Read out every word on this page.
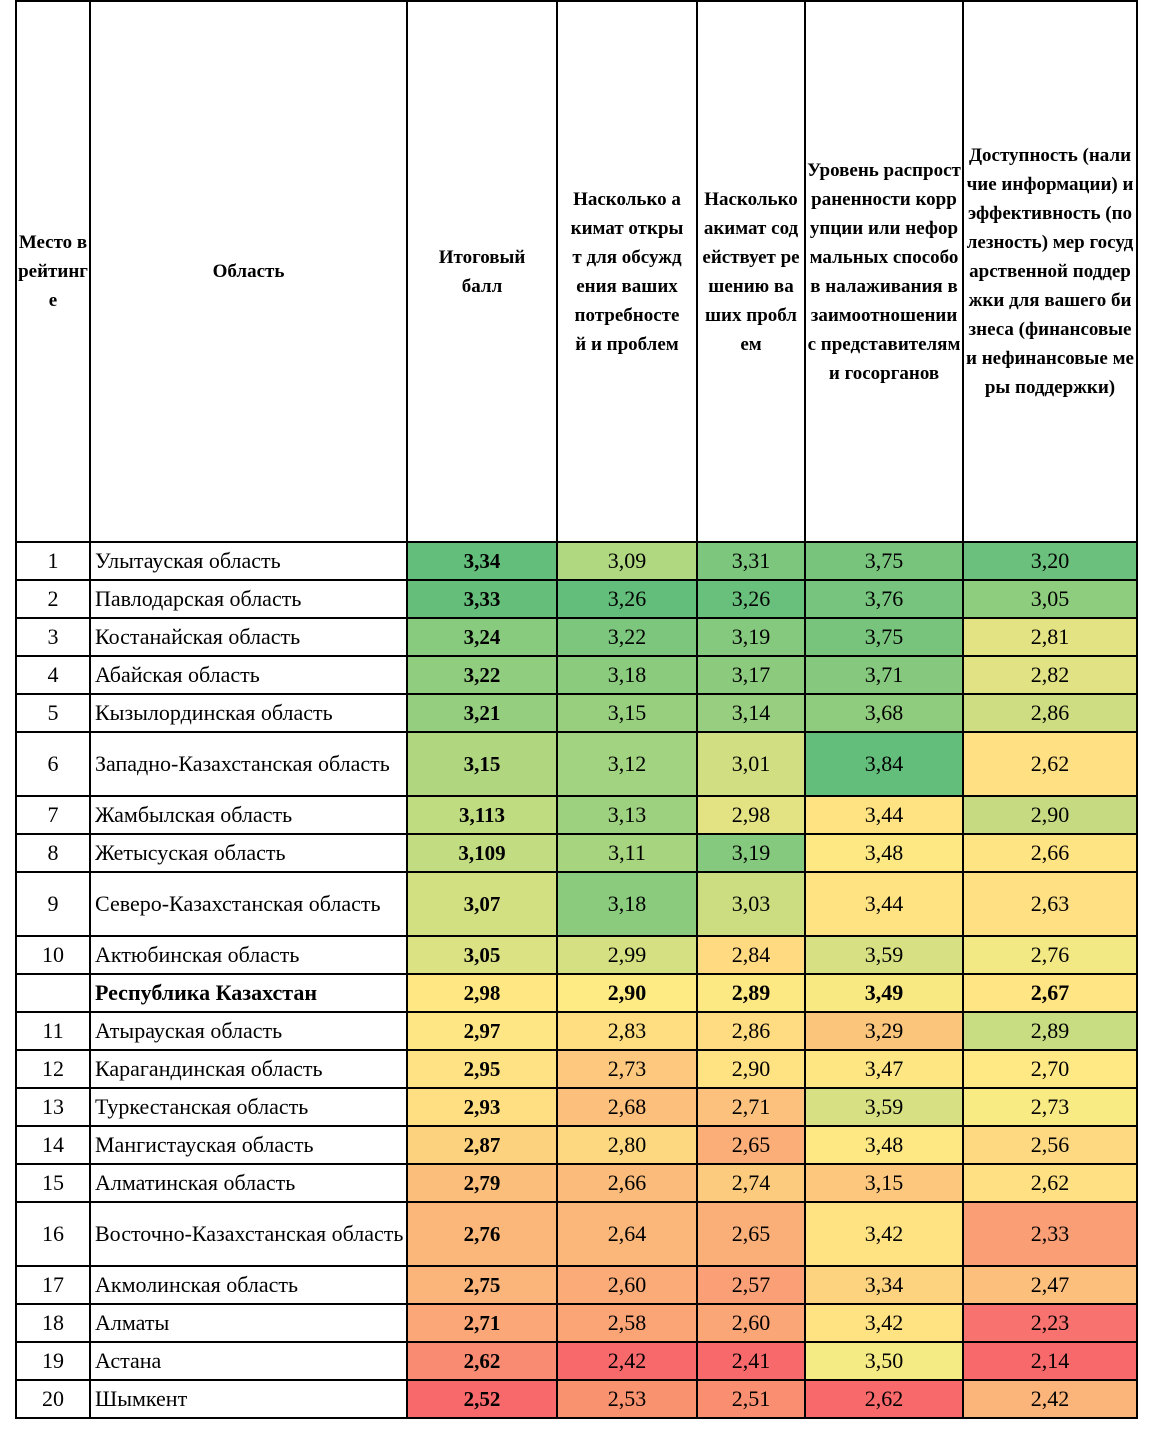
Место в рейтинге	Область	Итоговый балл	Насколько акимат открыт для обсуждения ваших потребностей и проблем	Насколько акимат содействует решению ваших проблем	Уровень распространенности коррупции или неформальных способов налаживания взаимоотношении с представителями госорганов	Доступность (наличие информации) и эффективность (полезность) мер государственной поддержки для вашего бизнеса (финансовые и нефинансовые меры поддержки)
1	Улытауская область	3,34	3,09	3,31	3,75	3,20
2	Павлодарская область	3,33	3,26	3,26	3,76	3,05
3	Костанайская область	3,24	3,22	3,19	3,75	2,81
4	Абайская область	3,22	3,18	3,17	3,71	2,82
5	Кызылординская область	3,21	3,15	3,14	3,68	2,86
6	Западно-Казахстанская область	3,15	3,12	3,01	3,84	2,62
7	Жамбылская область	3,113	3,13	2,98	3,44	2,90
8	Жетысуская область	3,109	3,11	3,19	3,48	2,66
9	Северо-Казахстанская область	3,07	3,18	3,03	3,44	2,63
10	Актюбинская область	3,05	2,99	2,84	3,59	2,76
	Республика Казахстан	2,98	2,90	2,89	3,49	2,67
11	Атырауская область	2,97	2,83	2,86	3,29	2,89
12	Карагандинская область	2,95	2,73	2,90	3,47	2,70
13	Туркестанская область	2,93	2,68	2,71	3,59	2,73
14	Мангистауская область	2,87	2,80	2,65	3,48	2,56
15	Алматинская область	2,79	2,66	2,74	3,15	2,62
16	Восточно-Казахстанская область	2,76	2,64	2,65	3,42	2,33
17	Акмолинская область	2,75	2,60	2,57	3,34	2,47
18	Алматы	2,71	2,58	2,60	3,42	2,23
19	Астана	2,62	2,42	2,41	3,50	2,14
20	Шымкент	2,52	2,53	2,51	2,62	2,42
